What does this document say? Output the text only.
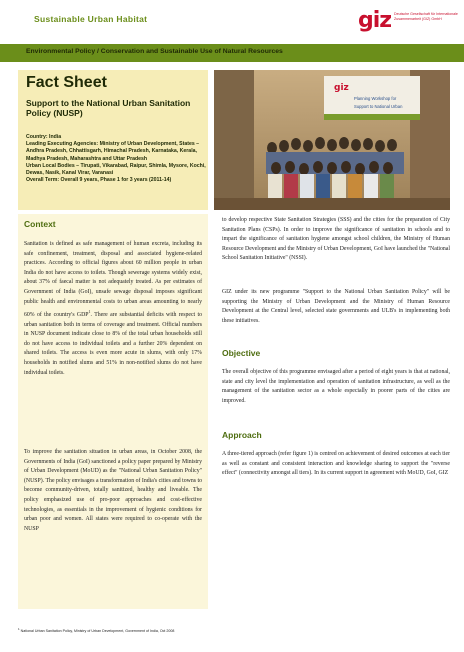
Sustainable Urban Habitat	giz Deutsche Gesellschaft für Internationale Zusammenarbeit (GIZ) GmbH
Environmental Policy / Conservation and Sustainable Use of Natural Resources
Fact Sheet
Support to the National Urban Sanitation Policy (NUSP)
Country: India
Leading Executing Agencies: Ministry of Urban Development, States – Andhra Pradesh, Chhattisgarh, Himachal Pradesh, Karnataka, Kerala, Madhya Pradesh, Maharashtra and Uttar Pradesh
Urban Local Bodies – Tirupati, Vikarabad, Raipur, Shimla, Mysore, Kochi, Dewas, Nasik, Kanal Virar, Varanasi
Overall Term: Overall 9 years, Phase 1 for 3 years (2011-14)
giz
Planning Workshop for
Support to National Urban
Context
Sanitation is defined as safe management of human excreta, including its safe confinement, treatment, disposal and associated hygiene-related practices. According to official figures about 60 million people in urban India do not have access to toilets. Though sewerage systems widely exist, about 37% of faecal matter is not adequately treated. As per estimates of Government of India (GoI), unsafe sewage disposal imposes significant public health and environmental costs to urban areas amounting to nearly 60% of the country's GDP$^1$. There are substantial deficits with respect to urban sanitation both in terms of coverage and treatment. Official numbers in NUSP document indicate close to 8% of the total urban households still do not have access to individual toilets and a further 20% dependent on shared toilets. The access is even more acute in slums, with only 17% households in notified slums and 51% in non-notified slums do not have individual toilets.
To improve the sanitation situation in urban areas, in October 2008, the Governments of India (GoI) sanctioned a policy paper prepared by Ministry of Urban Development (MoUD) as the "National Urban Sanitation Policy" (NUSP). The policy envisages a transformation of India's cities and towns to become community-driven, totally sanitized, healthy and liveable. The policy emphasized use of pro-poor approaches and cost-effective technologies, as essentials in the improvement of hygienic conditions for urban poor and women. All states were required to co-operate with the NUSP
to develop respective State Sanitation Strategies (SSS) and the cities for the preparation of City Sanitation Plans (CSPs). In order to improve the significance of sanitation in schools and to impart the significance of sanitation hygiene amongst school children, the Ministry of Human Resource Development and the Ministry of Urban Development, GoI have launched the "National School Sanitation Initiative" (NSSI).
GIZ under its new programme "Support to the National Urban Sanitation Policy" will be supporting the Ministry of Urban Development and the Ministry of Human Resource Development at the Central level, selected state governments and ULB's in implementing both these initiatives.
Objective
The overall objective of this programme envisaged after a period of eight years is that at national, state and city level the implementation and operation of sanitation infrastructure, as well as the management of the sanitation sector as a whole especially in poorer parts of the cities are improved.
Approach
A three-tiered approach (refer figure 1) is centred on achievement of desired outcomes at each tier as well as constant and consistent interaction and knowledge sharing to support the "reverse effect" (connectivity amongst all tiers). In its current support in agreement with MoUD, GoI, GIZ
$^1$ National Urban Sanitation Policy, Ministry of Urban Development, Government of India, Oct 2008
